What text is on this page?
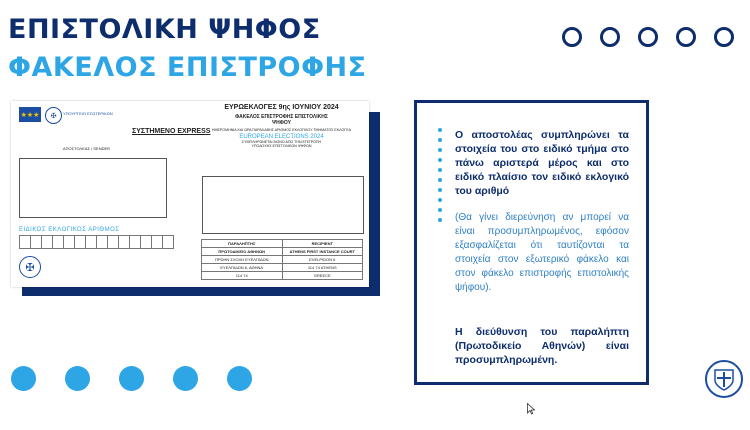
ΕΠΙΣΤΟΛΙΚΗ ΨΗΦΟΣ
ΦΑΚΕΛΟΣ ΕΠΙΣΤΡΟΦΗΣ
★★★	✠	ΥΠΟΥΡΓΕΙΟ ΕΣΩΤΕΡΙΚΩΝ
ΣΥΣΤΗΜΕΝΟ EXPRESS
ΑΠΟΣΤΟΛΕΑΣ / SENDER
ΕΙΔΙΚΟΣ ΕΚΛΟΓΙΚΟΣ ΑΡΙΘΜΟΣ
✠
ΕΥΡΩΕΚΛΟΓΕΣ 9ης ΙΟΥΝΙΟΥ 2024
ΦΑΚΕΛΟΣ ΕΠΙΣΤΡΟΦΗΣ ΕΠΙΣΤΟΛΙΚΗΣ
ΨΗΦΟΥ
ΗΜΕΡΟΜΗΝΙΑ ΚΑΙ ΩΡΑ ΠΑΡΑΛΑΒΗΣ ΑΡΙΘΜΟΣ ΕΚΛΟΓΙΚΟΥ ΤΜΗΜΑΤΟΣ ΕΚΛΟΓΕΑ
EUROPEAN ELECTIONS 2024
ΣΥΜΠΛΗΡΩΝΕΤΑΙ ΜΟΝΟ ΑΠΟ ΤΗΝ ΕΠΙΤΡΟΠΗ
ΥΠΟΔΟΧΗΣ ΕΠΙΣΤΟΛΙΚΩΝ ΨΗΦΩΝ
ΠΑΡΑΛΗΠΤΗΣ	RECIPIENT
ΠΡΩΤΟΔΙΚΕΙΟ ΑΘΗΝΩΝ	ATHENS FIRST INSTANCE COURT
ΠΡΩΗΝ ΣΧΟΛΗ ΕΥΕΛΠΙΔΩΝ	EVELPIDON 6
ΕΥΕΛΠΙΔΩΝ 6, ΑΘΗΝΑ	114 74 ATHENS
114 74	GREECE
Ο αποστολέας συμπληρώνει τα στοιχεία του στο ειδικό τμήμα στο πάνω αριστερά μέρος και στο ειδικό πλαίσιο τον ειδικό εκλογικό του αριθμό
(Θα γίνει διερεύνηση αν μπορεί να είναι προσυμπληρωμένος, εφόσον εξασφαλίζεται ότι ταυτίζονται τα στοιχεία στον εξωτερικό φάκελο και στον φάκελο επιστροφής επιστολικής ψήφου).
Η διεύθυνση του παραλήπτη (Πρωτοδικείο Αθηνών) είναι προσυμπληρωμένη.
